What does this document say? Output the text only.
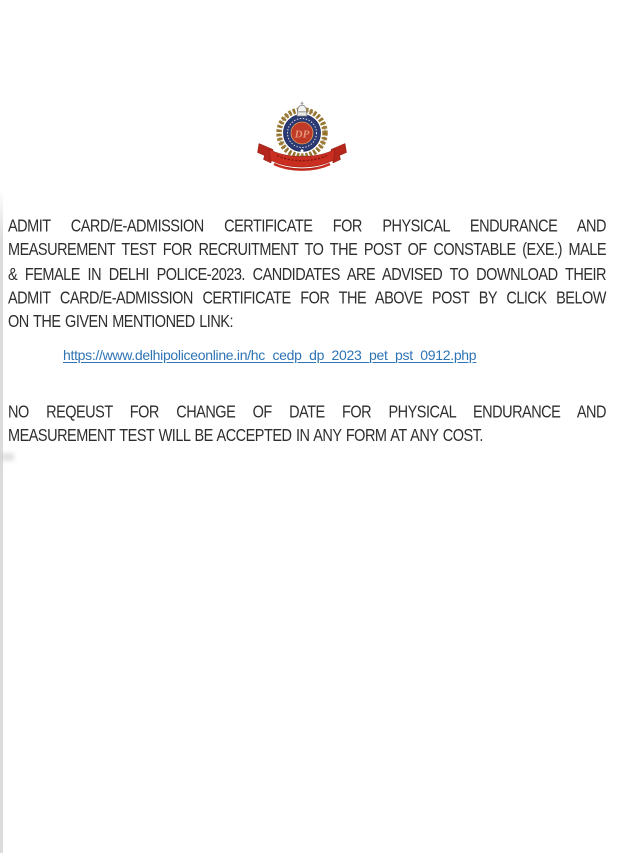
DP
ADMIT CARD/E-ADMISSION CERTIFICATE FOR PHYSICAL ENDURANCE AND
MEASUREMENT TEST FOR RECRUITMENT TO THE POST OF CONSTABLE (EXE.) MALE
& FEMALE IN DELHI POLICE-2023. CANDIDATES ARE ADVISED TO DOWNLOAD THEIR
ADMIT CARD/E-ADMISSION CERTIFICATE FOR THE ABOVE POST BY CLICK BELOW
ON THE GIVEN MENTIONED LINK:
https://www.delhipoliceonline.in/hc_cedp_dp_2023_pet_pst_0912.php
NO REQEUST FOR CHANGE OF DATE FOR PHYSICAL ENDURANCE AND
MEASUREMENT TEST WILL BE ACCEPTED IN ANY FORM AT ANY COST.
